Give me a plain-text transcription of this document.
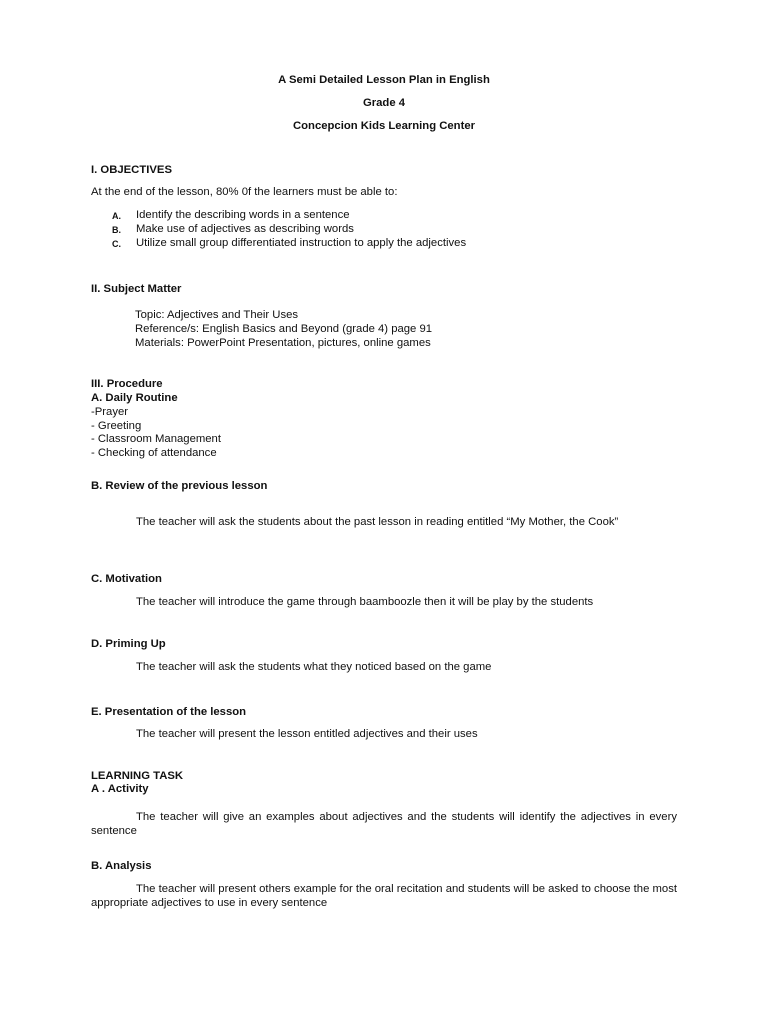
A Semi Detailed Lesson Plan in English
Grade 4
Concepcion Kids Learning Center
I. OBJECTIVES
At the end of the lesson, 80% 0f the learners must be able to:
A. Identify the describing words in a sentence
B. Make use of adjectives as describing words
C. Utilize small group differentiated instruction to apply the adjectives
II. Subject Matter
Topic: Adjectives and Their Uses
Reference/s: English Basics and Beyond (grade 4) page 91
Materials: PowerPoint Presentation, pictures, online games
III. Procedure
A. Daily Routine
-Prayer
- Greeting
- Classroom Management
- Checking of attendance
B. Review of the previous lesson
The teacher will ask the students about the past lesson in reading entitled “My Mother, the Cook”
C. Motivation
The teacher will introduce the game through baamboozle then it will be play by the students
D. Priming Up
The teacher will ask the students what they noticed based on the game
E. Presentation of the lesson
The teacher will present the lesson entitled adjectives and their uses
LEARNING TASK
A . Activity
The teacher will give an examples about adjectives and the students will identify the adjectives in every sentence
B. Analysis
The teacher will present others example for the oral recitation and students will be asked to choose the most appropriate adjectives to use in every sentence
